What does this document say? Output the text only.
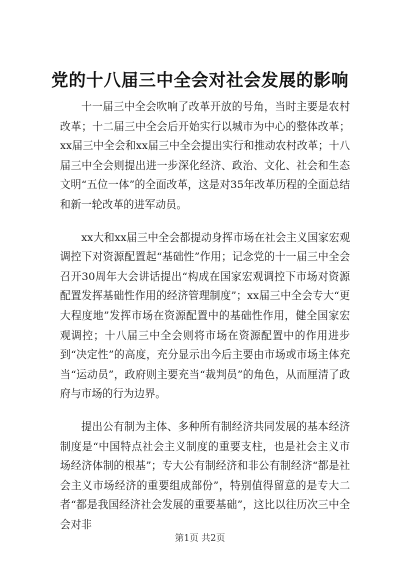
党的十八届三中全会对社会发展的影响

十一届三中全会吹响了改革开放的号角，当时主要是农村改革；十二届三中全会后开始实行以城市为中心的整体改革；xx届三中全会和xx届三中全会提出实行和推动农村改革；十八届三中全会则提出进一步深化经济、政治、文化、社会和生态文明“五位一体”的全面改革，这是对35年改革历程的全面总结和新一轮改革的进军动员。

xx大和xx届三中全会都提动身挥市场在社会主义国家宏观调控下对资源配置起“基础性”作用；记念党的十一届三中全会召开30周年大会讲话提出“构成在国家宏观调控下市场对资源配置发挥基础性作用的经济管理制度”；xx届三中全会专大“更大程度地”发挥市场在资源配置中的基础性作用，健全国家宏观调控；十八届三中全会则将市场在资源配置中的作用进步到“决定性”的高度，充分显示出今后主要由市场或市场主体充当“运动员”，政府则主要充当“裁判员”的角色，从而厘清了政府与市场的行为边界。

提出公有制为主体、多种所有制经济共同发展的基本经济制度是“中国特点社会主义制度的重要支柱，也是社会主义市场经济体制的根基”；专大公有制经济和非公有制经济“都是社会主义市场经济的重要组成部份”，特别值得留意的是专大二者“都是我国经济社会发展的重要基础”，这比以往历次三中全会对非

第1页 共2页
